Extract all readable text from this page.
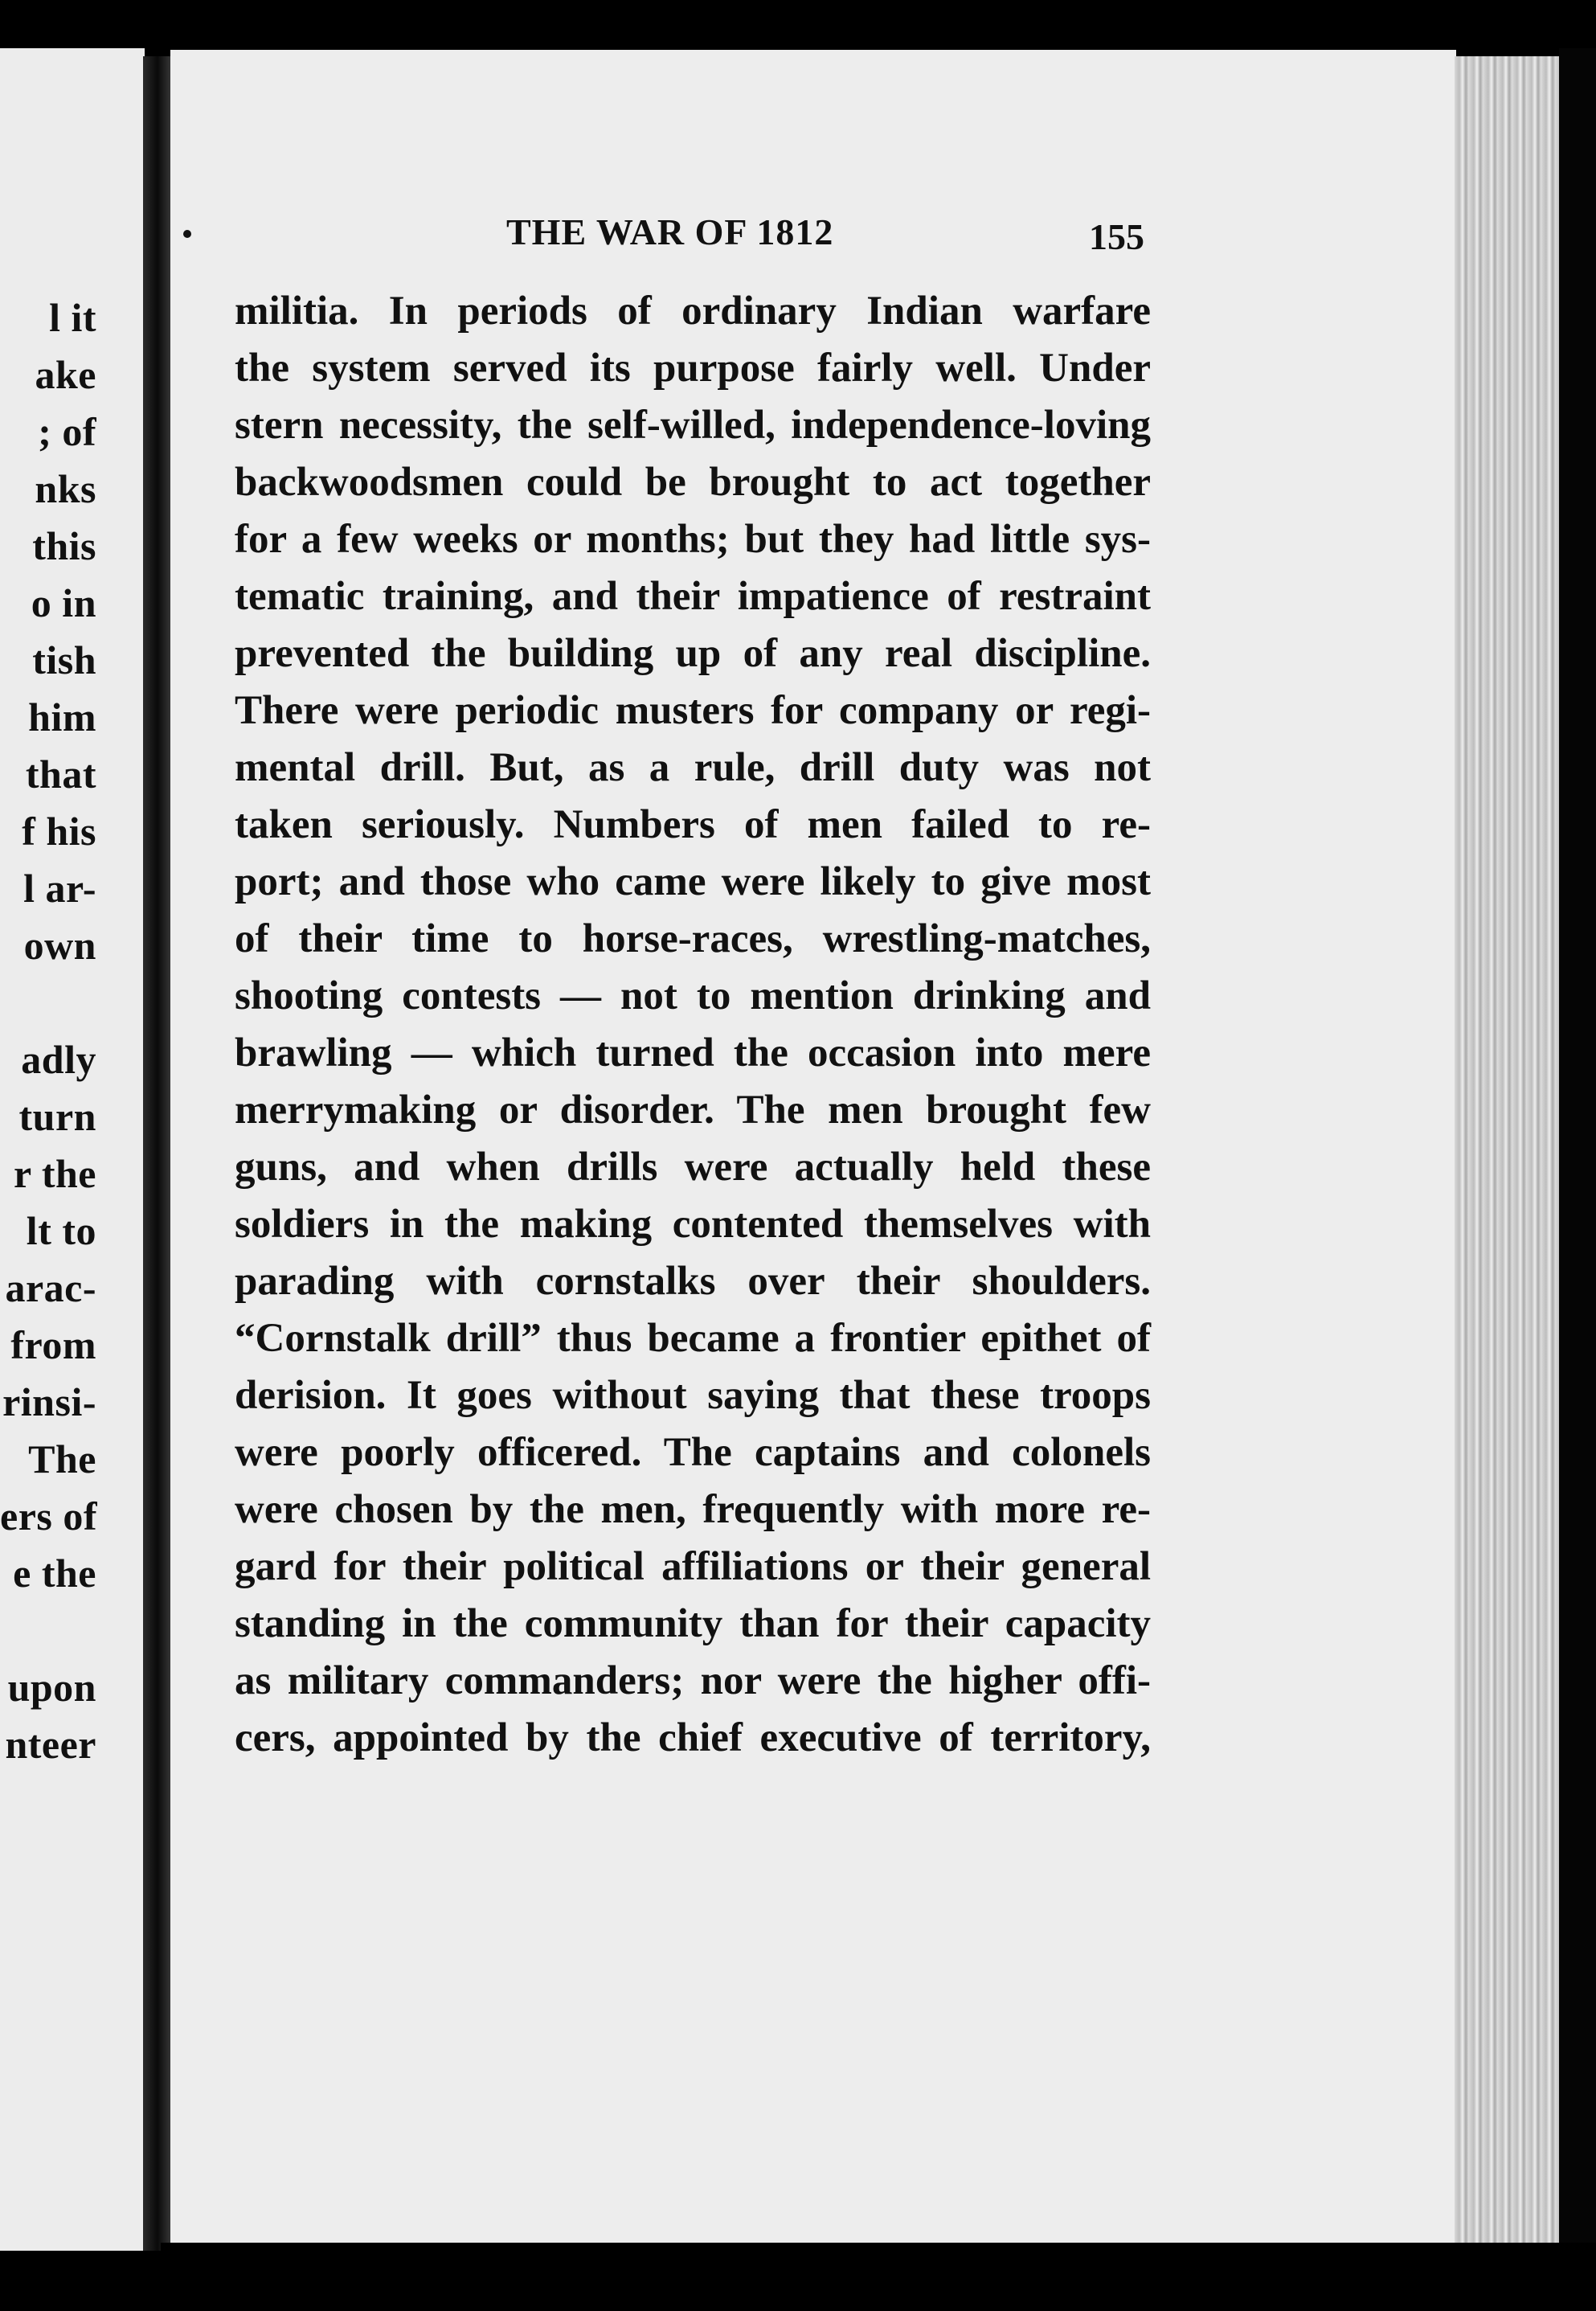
l it
ake
; of
nks
this
o in
tish
him
that
f his
l ar-
own
adly
turn
r the
lt to
arac-
from
rinsi-
The
ers of
e the
upon
nteer
THE WAR OF 1812	155
militia. In periods of ordinary Indian warfare
the system served its purpose fairly well. Under
stern necessity, the self-willed, independence-loving
backwoodsmen could be brought to act together
for a few weeks or months; but they had little sys-
tematic training, and their impatience of restraint
prevented the building up of any real discipline.
There were periodic musters for company or regi-
mental drill. But, as a rule, drill duty was not
taken seriously. Numbers of men failed to re-
port; and those who came were likely to give most
of their time to horse-races, wrestling-matches,
shooting contests — not to mention drinking and
brawling — which turned the occasion into mere
merrymaking or disorder. The men brought few
guns, and when drills were actually held these
soldiers in the making contented themselves with
parading with cornstalks over their shoulders.
“Cornstalk drill” thus became a frontier epithet of
derision. It goes without saying that these troops
were poorly officered. The captains and colonels
were chosen by the men, frequently with more re-
gard for their political affiliations or their general
standing in the community than for their capacity
as military commanders; nor were the higher offi-
cers, appointed by the chief executive of territory,
